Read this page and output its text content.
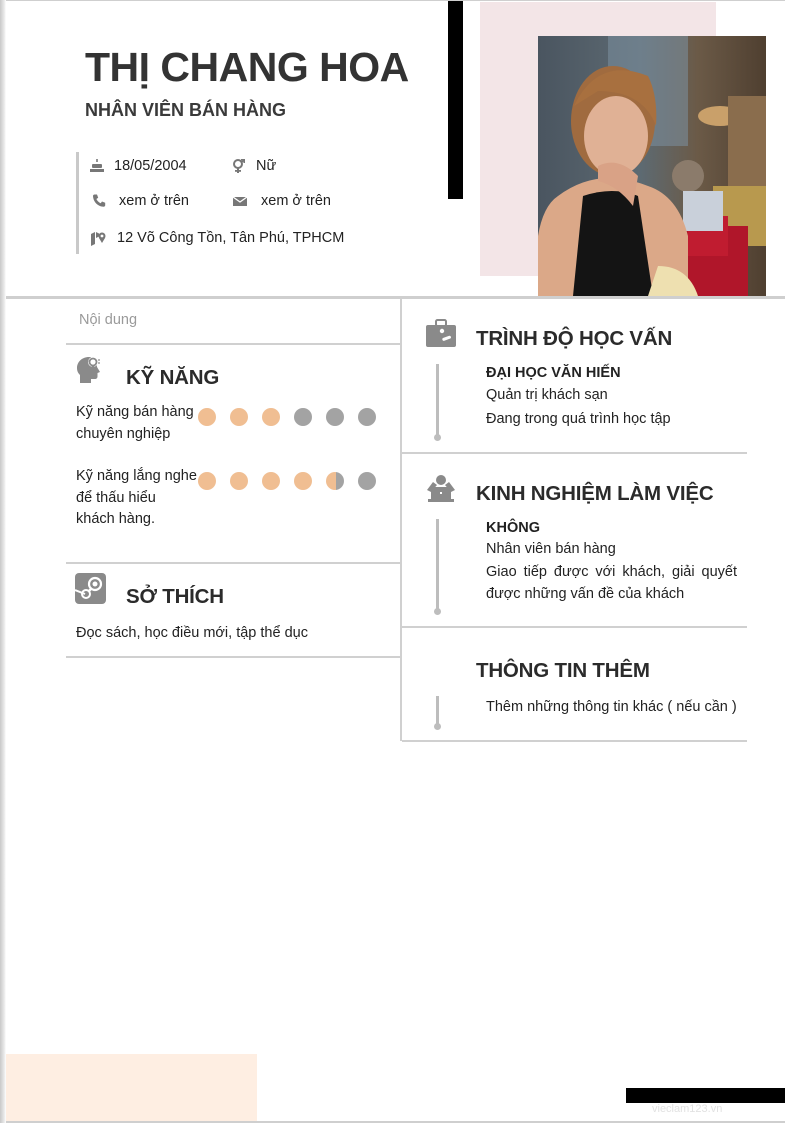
THỊ CHANG HOA
NHÂN VIÊN BÁN HÀNG
18/05/2004	Nữ
xem ở trên	xem ở trên
12 Võ Công Tồn, Tân Phú, TPHCM
Nội dung
KỸ NĂNG
Kỹ năng bán hàng chuyên nghiệp
Kỹ năng lắng nghe để thấu hiểu khách hàng.
SỞ THÍCH
Đọc sách, học điều mới, tập thể dục
TRÌNH ĐỘ HỌC VẤN
ĐẠI HỌC VĂN HIẾN
Quản trị khách sạn
Đang trong quá trình học tập
KINH NGHIỆM LÀM VIỆC
KHÔNG
Nhân viên bán hàng
Giao tiếp được với khách, giải quyết được những vấn đề của khách
THÔNG TIN THÊM
Thêm những thông tin khác ( nếu cần )
vieclam123.vn
